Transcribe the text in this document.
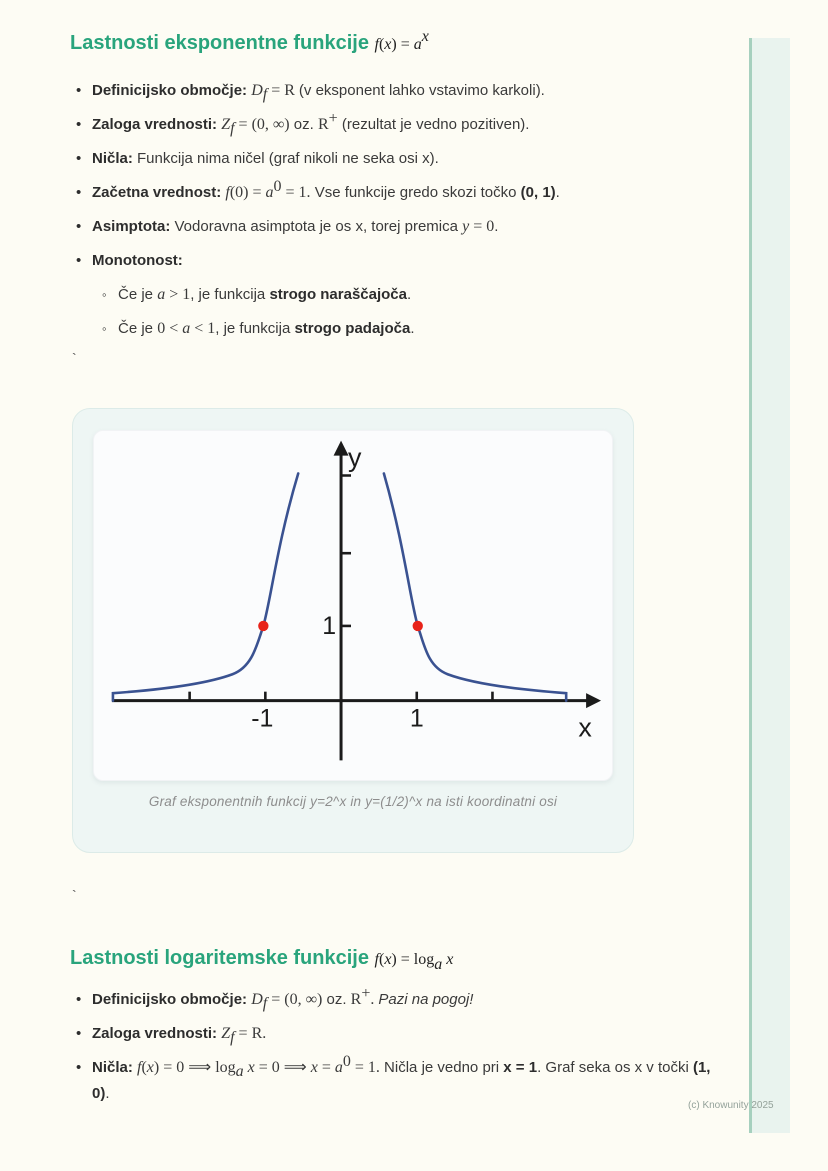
Lastnosti eksponentne funkcije $f(x) = a^x$
• Definicijsko območje: $D_f = R$ (v eksponent lahko vstavimo karkoli).
• Zaloga vrednosti: $Z_f = (0$, ∞) oz. R+ (rezultat je vedno pozitiven).
• Ničla: Funkcija nima ničel (graf nikoli ne seka osi x).
• Začetna vrednost: $f(0) = a^0 = 1$. Vse funkcije gredo skozi točko (0, 1).
• Asimptota: Vodoravna asimptota je os x, torej premica y = 0.
• Monotonost:
◦ Če je a > 1, je funkcija strogo naraščajoča.
◦ Če je 0 < a < 1, je funkcija strogo padajoča.
`
y
x
1
-1	1
Graf eksponentnih funkcij y=2^x in y=(1/2)^x na isti koordinatni osi
`
Lastnosti logaritemske funkcije $f(x) = \log_a x$
• Definicijsko območje: $D_f = (0$, ∞) oz. R+. Pazi na pogoj!
• Zaloga vrednosti: $Z_f = R$.
• Ničla: f(x) = 0 ⟹ $\log_a x = 0$ ⟹ $x = a^0 = 1$. Ničla je vedno pri x = 1. Graf seka os x v točki (1, 0).
(c) Knowunity 2025
